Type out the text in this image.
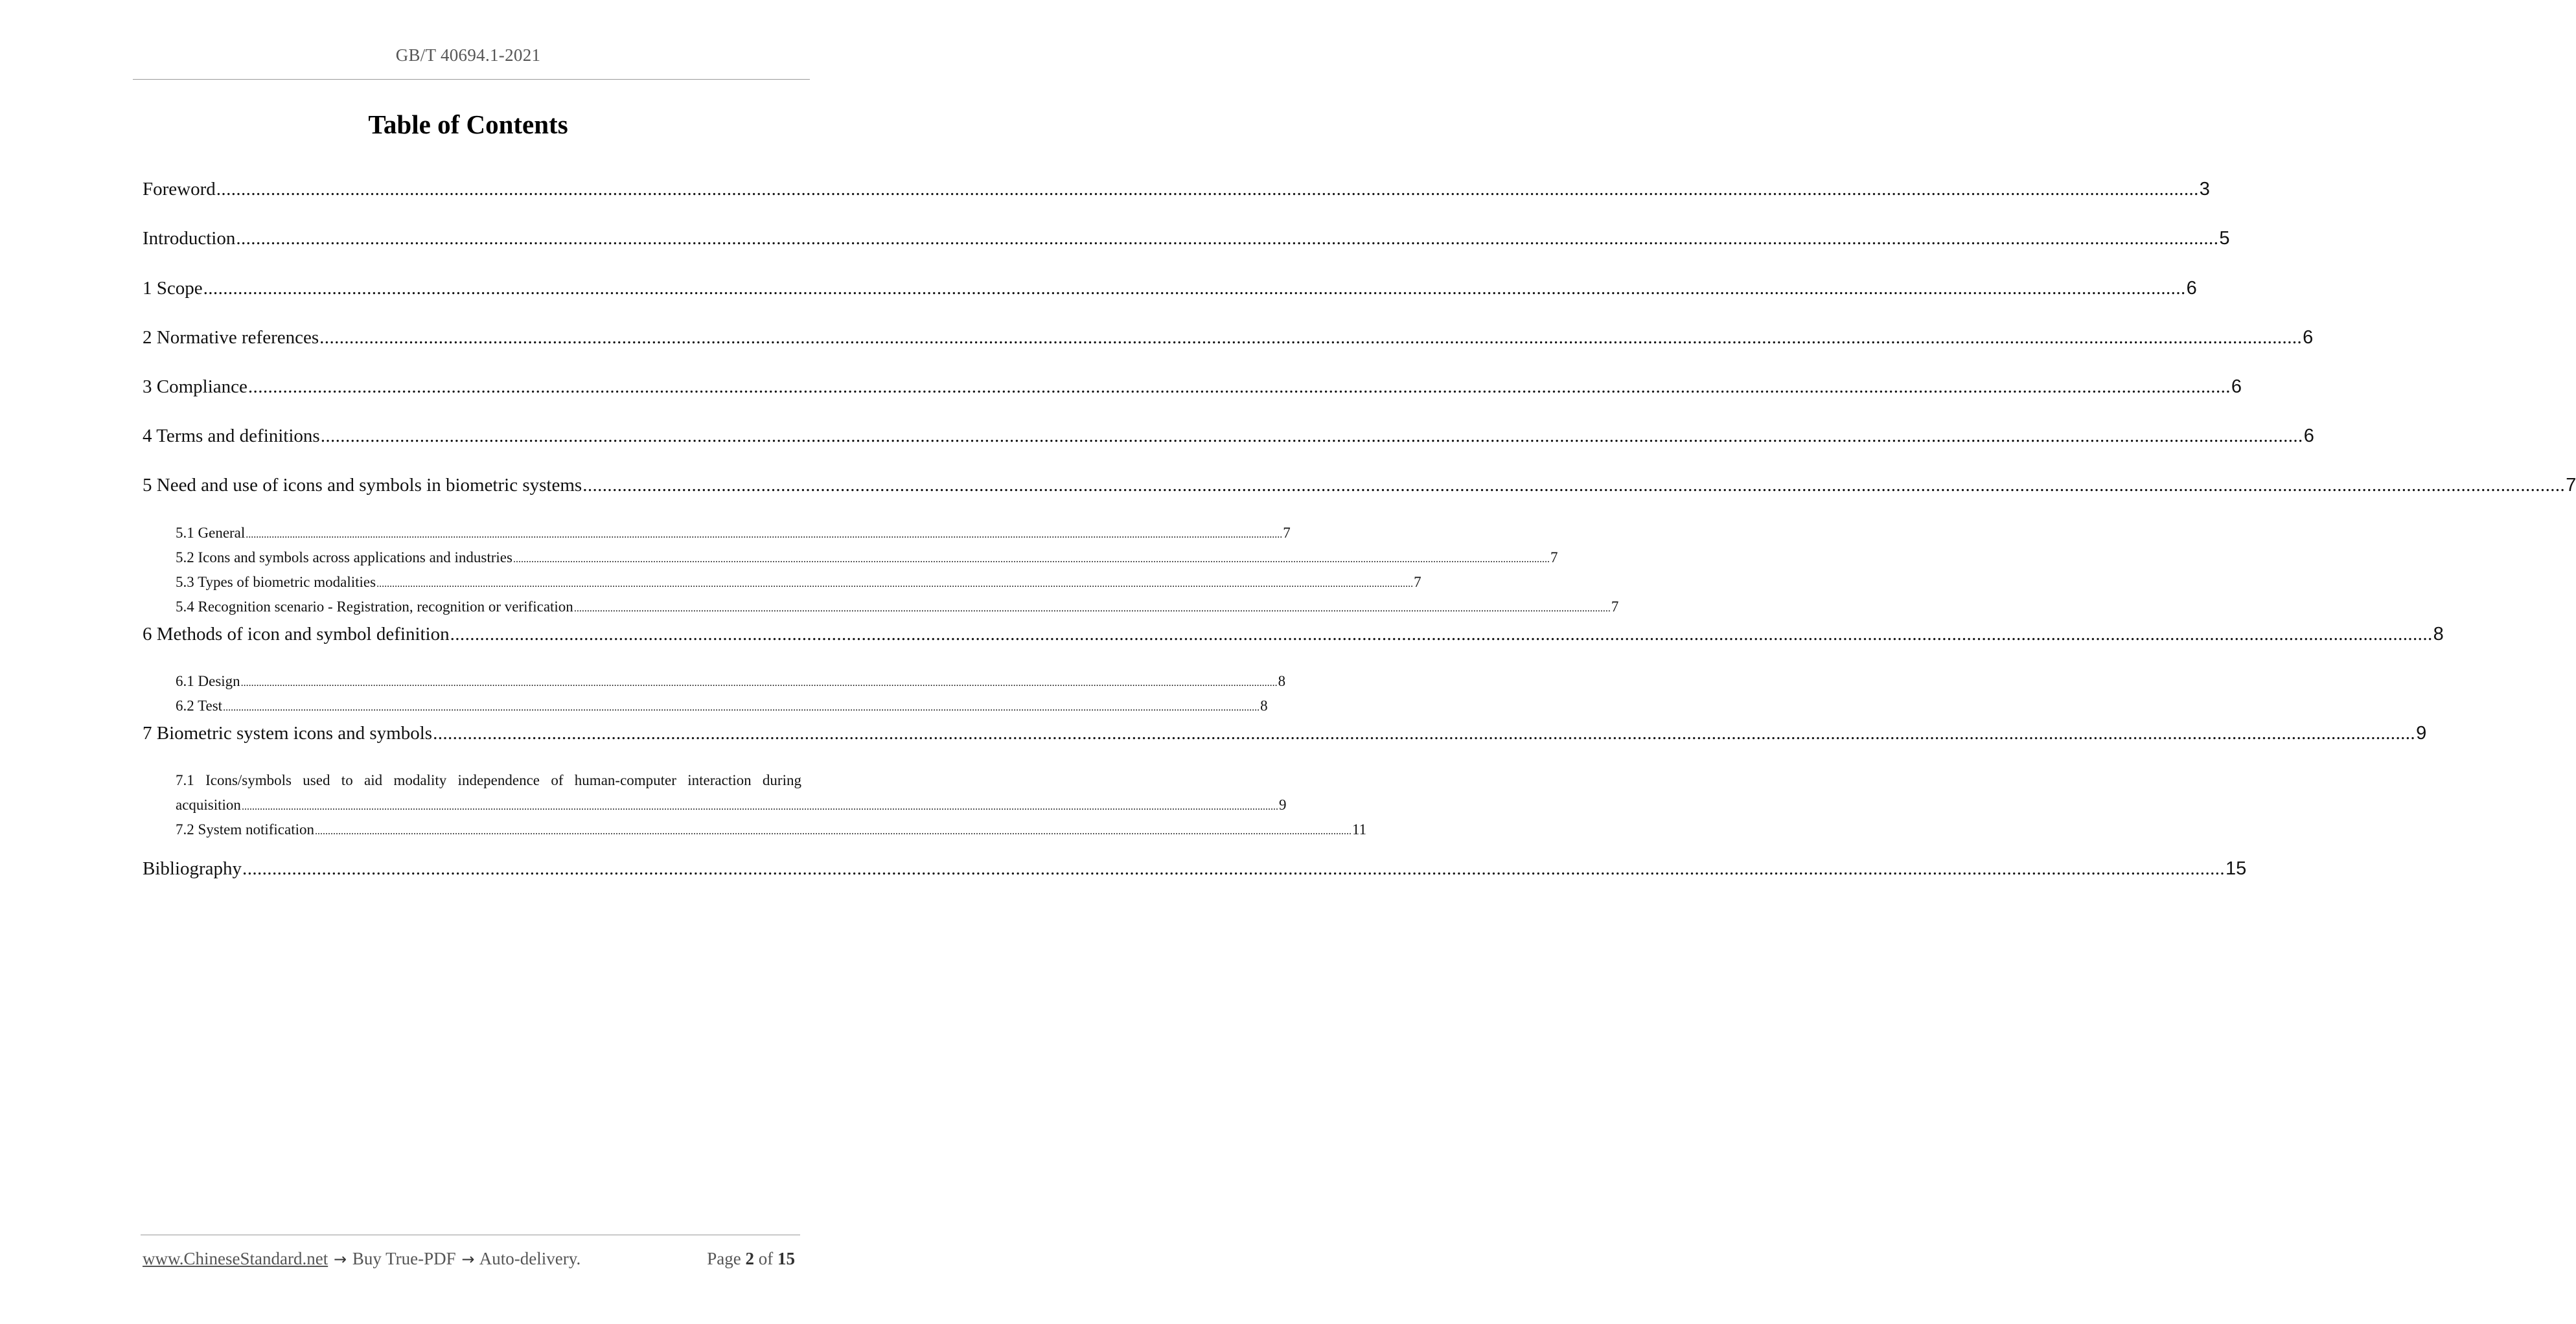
GB/T 40694.1-2021
Table of Contents
Foreword ................................................................................................................................................................................................................................................................................................................................................................................................................ 3
Introduction ................................................................................................................................................................................................................................................................................................................................................................................................................ 5
1 Scope ................................................................................................................................................................................................................................................................................................................................................................................................................ 6
2 Normative references ................................................................................................................................................................................................................................................................................................................................................................................................................ 6
3 Compliance ................................................................................................................................................................................................................................................................................................................................................................................................................ 6
4 Terms and definitions ................................................................................................................................................................................................................................................................................................................................................................................................................ 6
5 Need and use of icons and symbols in biometric systems ................................................................................................................................................................................................................................................................................................................................................................................................................ 7
5.1 General ................................................................................................................................................................................................................................................................................................................................................................................................................ 7
5.2 Icons and symbols across applications and industries ................................................................................................................................................................................................................................................................................................................................................................................................................ 7
5.3 Types of biometric modalities ................................................................................................................................................................................................................................................................................................................................................................................................................ 7
5.4 Recognition scenario - Registration, recognition or verification ................................................................................................................................................................................................................................................................................................................................................................................................................ 7
6 Methods of icon and symbol definition ................................................................................................................................................................................................................................................................................................................................................................................................................ 8
6.1 Design ................................................................................................................................................................................................................................................................................................................................................................................................................ 8
6.2 Test ................................................................................................................................................................................................................................................................................................................................................................................................................ 8
7 Biometric system icons and symbols ................................................................................................................................................................................................................................................................................................................................................................................................................ 9
7.1 Icons/symbols used to aid modality independence of human-computer interaction during
acquisition ................................................................................................................................................................................................................................................................................................................................................................................................................ 9
7.2 System notification ................................................................................................................................................................................................................................................................................................................................................................................................................ 11
Bibliography ................................................................................................................................................................................................................................................................................................................................................................................................................ 15
www.ChineseStandard.net → Buy True-PDF → Auto-delivery.	Page 2 of 15
